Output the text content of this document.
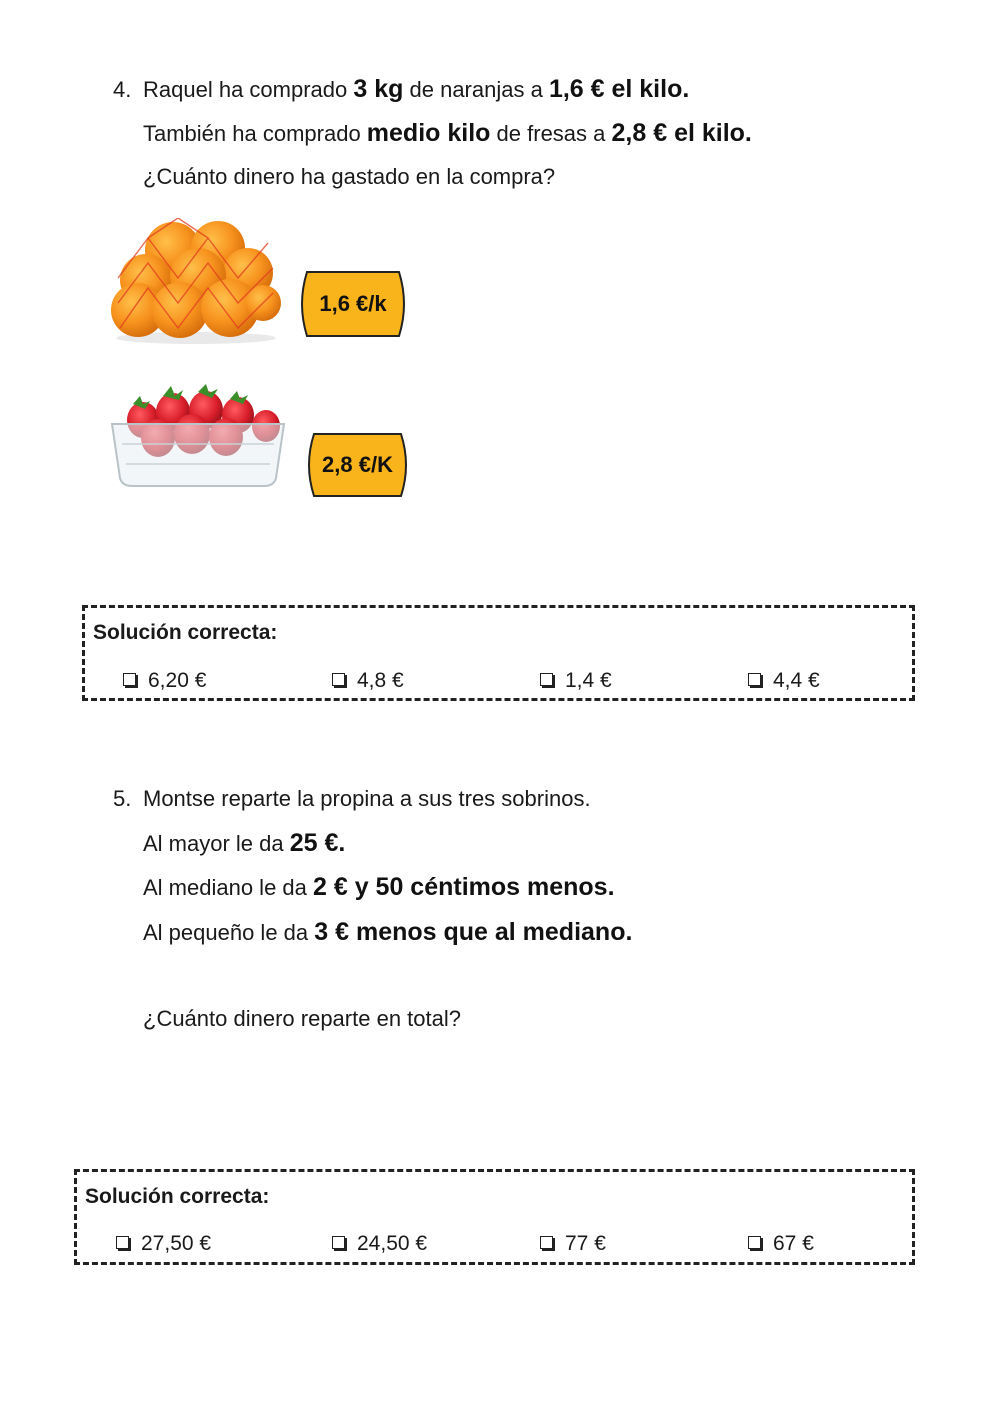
4. Raquel ha comprado 3 kg de naranjas a 1,6 € el kilo.
También ha comprado medio kilo de fresas a 2,8 € el kilo.
¿Cuánto dinero ha gastado en la compra?
1,6 €/k
2,8 €/K
Solución correcta:
6,20 €	4,8 €	1,4 €	4,4 €
5. Montse reparte la propina a sus tres sobrinos.
Al mayor le da 25 €.
Al mediano le da 2 € y 50 céntimos menos.
Al pequeño le da 3 € menos que al mediano.
¿Cuánto dinero reparte en total?
Solución correcta:
27,50 €	24,50 €	77 €	67 €
